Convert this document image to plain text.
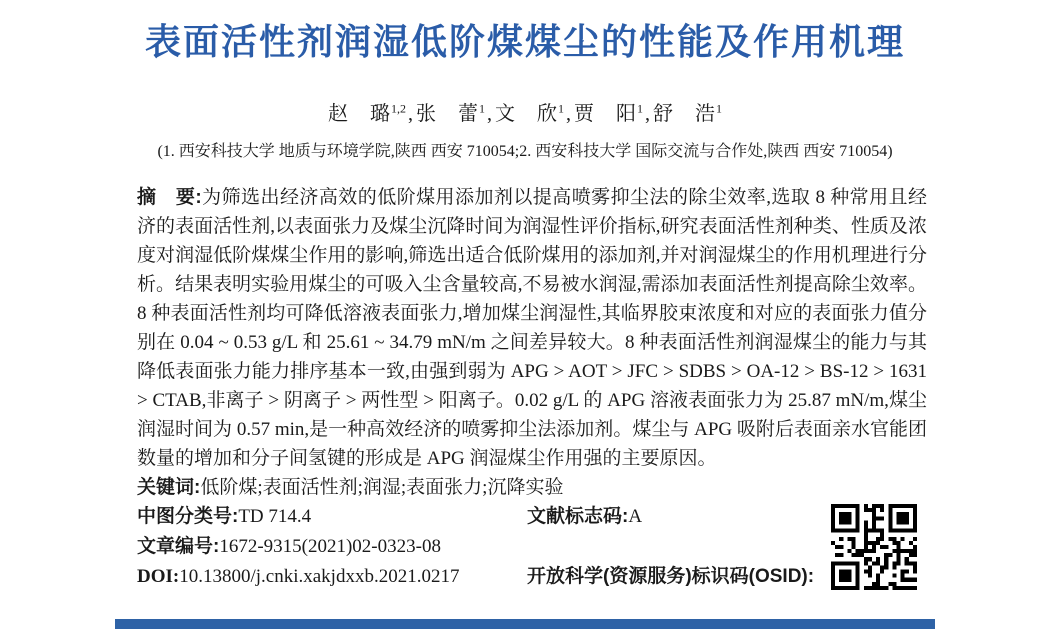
表面活性剂润湿低阶煤煤尘的性能及作用机理
赵　璐$^{1,2}$ , 张　蕾$^1$ , 文　欣$^1$ , 贾　阳$^1$ , 舒　浩$^1$
(1. 西安科技大学 地质与环境学院,陕西 西安 710054;2. 西安科技大学 国际交流与合作处,陕西 西安 710054)

摘　要:为筛选出经济高效的低阶煤用添加剂以提高喷雾抑尘法的除尘效率,选取 8 种常用且经济的表面活性剂,以表面张力及煤尘沉降时间为润湿性评价指标,研究表面活性剂种类、性质及浓度对润湿低阶煤煤尘作用的影响,筛选出适合低阶煤用的添加剂,并对润湿煤尘的作用机理进行分析。结果表明实验用煤尘的可吸入尘含量较高,不易被水润湿,需添加表面活性剂提高除尘效率。8 种表面活性剂均可降低溶液表面张力,增加煤尘润湿性,其临界胶束浓度和对应的表面张力值分别在 0.04 ~ 0.53 g/L 和 25.61 ~ 34.79 mN/m 之间差异较大。8 种表面活性剂润湿煤尘的能力与其降低表面张力能力排序基本一致,由强到弱为 APG > AOT > JFC > SDBS > OA-12 > BS-12 > 1631 > CTAB,非离子 > 阴离子 > 两性型 > 阳离子。0.02 g/L 的 APG 溶液表面张力为 25.87 mN/m,煤尘润湿时间为 0.57 min,是一种高效经济的喷雾抑尘法添加剂。煤尘与 APG 吸附后表面亲水官能团数量的增加和分子间氢键的形成是 APG 润湿煤尘作用强的主要原因。

关键词:低阶煤;表面活性剂;润湿;表面张力;沉降实验

中图分类号:TD 714.4	文献标志码:A
文章编号:1672-9315(2021)02-0323-08
DOI:10.13800/j.cnki.xakjdxxb.2021.0217	开放科学(资源服务)标识码(OSID):
